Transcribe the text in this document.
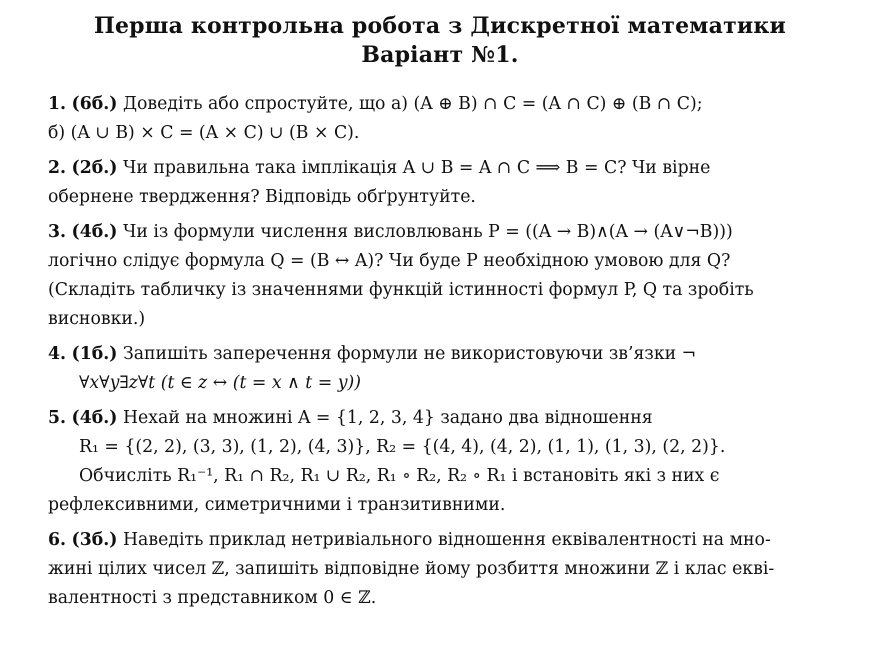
Перша контрольна робота з Дискретної математики
Варіант №1.
1. (6б.) Доведіть або спростуйте, що а) (A ⊕ B) ∩ C = (A ∩ C) ⊕ (B ∩ C);
б) (A ∪ B) × C = (A × C) ∪ (B × C).
2. (2б.) Чи правильна така імплікація A ∪ B = A ∩ C ⟹ B = C? Чи вірне
обернене твердження? Відповідь обґрунтуйте.
3. (4б.) Чи із формули числення висловлювань P = ((A → B)∧(A → (A∨¬B)))
логічно слідує формула Q = (B ↔ A)? Чи буде P необхідною умовою для Q?
(Складіть табличку із значеннями функцій істинності формул P, Q та зробіть
висновки.)
4. (1б.) Запишіть заперечення формули не використовуючи зв’язки ¬
∀x∀y∃z∀t (t ∈ z ↔ (t = x ∧ t = y))
5. (4б.) Нехай на множині A = {1, 2, 3, 4} задано два відношення
R₁ = {(2, 2), (3, 3), (1, 2), (4, 3)}, R₂ = {(4, 4), (4, 2), (1, 1), (1, 3), (2, 2)}.
Обчисліть R₁⁻¹, R₁ ∩ R₂, R₁ ∪ R₂, R₁ ∘ R₂, R₂ ∘ R₁ і встановіть які з них є
рефлексивними, симетричними і транзитивними.
6. (3б.) Наведіть приклад нетривіального відношення еквівалентності на мно-
жині цілих чисел ℤ, запишіть відповідне йому розбиття множини ℤ і клас екві-
валентності з представником 0 ∈ ℤ.
